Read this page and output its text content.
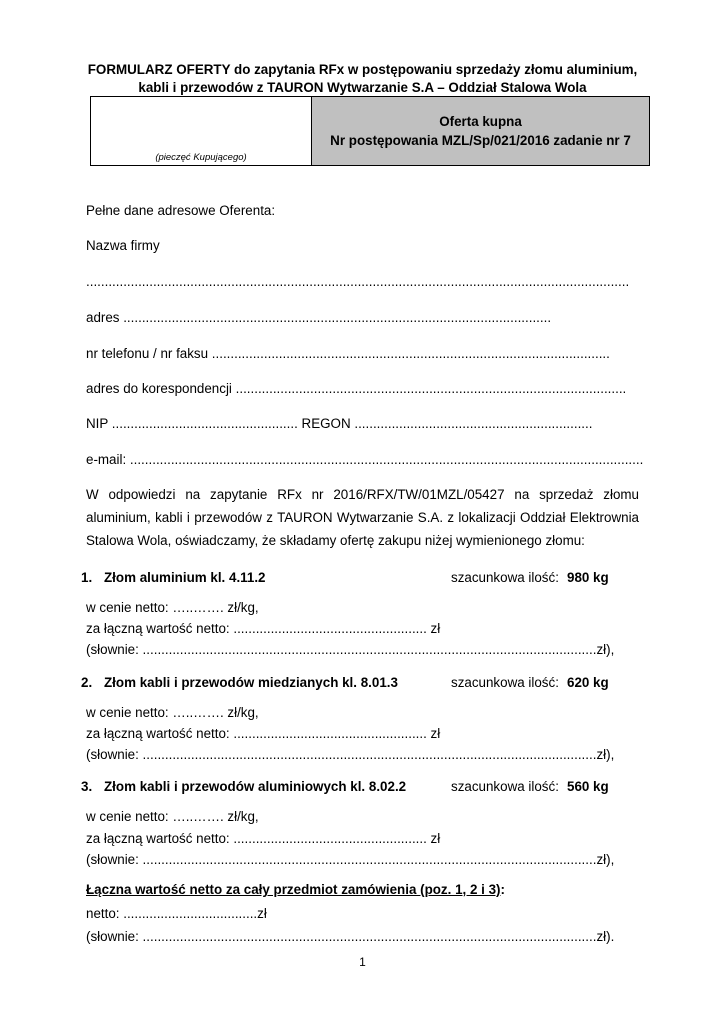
FORMULARZ OFERTY do zapytania RFx w postępowaniu sprzedaży złomu aluminium,
kabli i przewodów z TAURON Wytwarzanie S.A – Oddział Stalowa Wola
(pieczęć Kupującego)
Oferta kupna
Nr postępowania MZL/Sp/021/2016 zadanie nr 7
Pełne dane adresowe Oferenta:
Nazwa firmy
..................................................................................................................................................
adres ...................................................................................................................
nr telefonu / nr faksu ...........................................................................................................
adres do korespondencji .........................................................................................................
NIP .................................................. REGON ................................................................
e-mail: ..........................................................................................................................................
W odpowiedzi na zapytanie RFx nr 2016/RFX/TW/01MZL/05427 na sprzedaż złomu
aluminium, kabli i przewodów z TAURON Wytwarzanie S.A. z lokalizacji Oddział Elektrownia
Stalowa Wola, oświadczamy, że składamy ofertę zakupu niżej wymienionego złomu:
1. Złom aluminium kl. 4.11.2	szacunkowa ilość: 980 kg
w cenie netto: …..……. zł/kg,
za łączną wartość netto: .................................................... zł
(słownie: ..........................................................................................................................zł),
2. Złom kabli i przewodów miedzianych kl. 8.01.3	szacunkowa ilość: 620 kg
w cenie netto: …..……. zł/kg,
za łączną wartość netto: .................................................... zł
(słownie: ..........................................................................................................................zł),
3. Złom kabli i przewodów aluminiowych kl. 8.02.2	szacunkowa ilość: 560 kg
w cenie netto: …..……. zł/kg,
za łączną wartość netto: .................................................... zł
(słownie: ..........................................................................................................................zł),
Łączna wartość netto za cały przedmiot zamówienia (poz. 1, 2 i 3):
netto: ....................................zł
(słownie: ..........................................................................................................................zł).
1
